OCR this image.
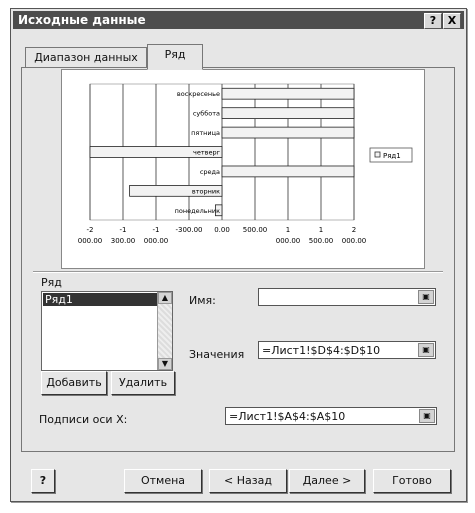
Исходные данные	?	X
Диапазон данных	Ряд
понедельник
вторник
среда
четверг
пятница
суббота
воскресенье
-2
000.00
-1
300.00
-1
000.00
-300.00 0.00 500.00	1
000.00
1
500.00
2
000.00
Ряд1
Ряд
Ряд1	▲
▼
Добавить	Удалить
Имя:	▣
Значения	=Лист1!$D$4:$D$10	▣
Подписи оси X:	=Лист1!$A$4:$A$10	▣
?	Отмена	< Назад	Далее >	Готово
